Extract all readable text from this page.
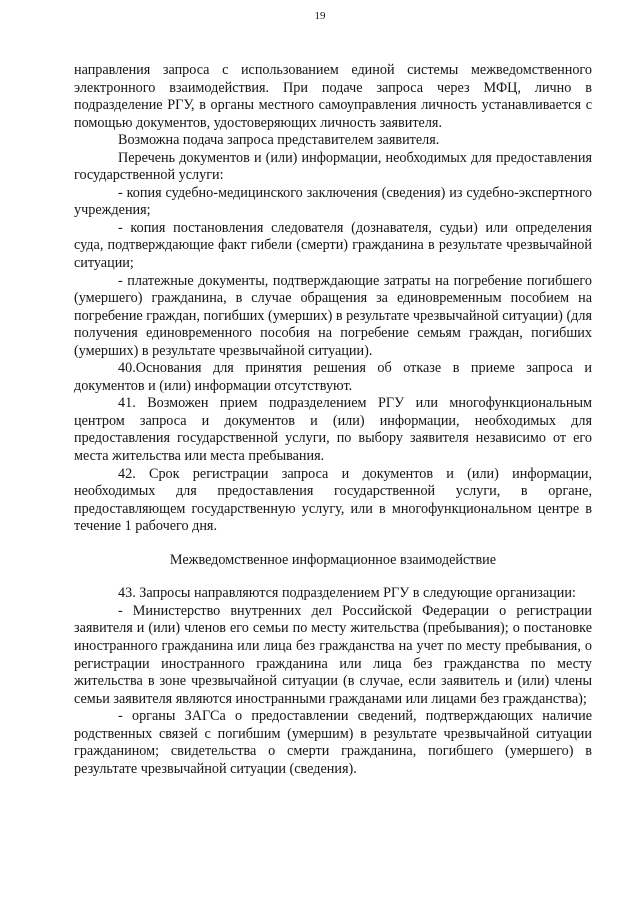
19

направления запроса с использованием единой системы межведомственного электронного взаимодействия. При подаче запроса через МФЦ, лично в подразделение РГУ, в органы местного самоуправления личность устанавливается с помощью документов, удостоверяющих личность заявителя.

Возможна подача запроса представителем заявителя.

Перечень документов и (или) информации, необходимых для предоставления государственной услуги:

- копия судебно-медицинского заключения (сведения) из судебно-экспертного учреждения;

- копия постановления следователя (дознавателя, судьи) или определения суда, подтверждающие факт гибели (смерти) гражданина в результате чрезвычайной ситуации;

- платежные документы, подтверждающие затраты на погребение погибшего (умершего) гражданина, в случае обращения за единовременным пособием на погребение граждан, погибших (умерших) в результате чрезвычайной ситуации) (для получения единовременного пособия на погребение семьям граждан, погибших (умерших) в результате чрезвычайной ситуации).

40.Основания для принятия решения об отказе в приеме запроса и документов и (или) информации отсутствуют.

41. Возможен прием подразделением РГУ или многофункциональным центром запроса и документов и (или) информации, необходимых для предоставления государственной услуги, по выбору заявителя независимо от его места жительства или места пребывания.

42. Срок регистрации запроса и документов и (или) информации, необходимых для предоставления государственной услуги, в органе, предоставляющем государственную услугу, или в многофункциональном центре в течение 1 рабочего дня.

Межведомственное информационное взаимодействие

43. Запросы направляются подразделением РГУ в следующие организации:

- Министерство внутренних дел Российской Федерации о регистрации заявителя и (или) членов его семьи по месту жительства (пребывания); о постановке иностранного гражданина или лица без гражданства на учет по месту пребывания, о регистрации иностранного гражданина или лица без гражданства по месту жительства в зоне чрезвычайной ситуации (в случае, если заявитель и (или) члены семьи заявителя являются иностранными гражданами или лицами без гражданства);

- органы ЗАГСа о предоставлении сведений, подтверждающих наличие родственных связей с погибшим (умершим) в результате чрезвычайной ситуации гражданином; свидетельства о смерти гражданина, погибшего (умершего) в результате чрезвычайной ситуации (сведения).
